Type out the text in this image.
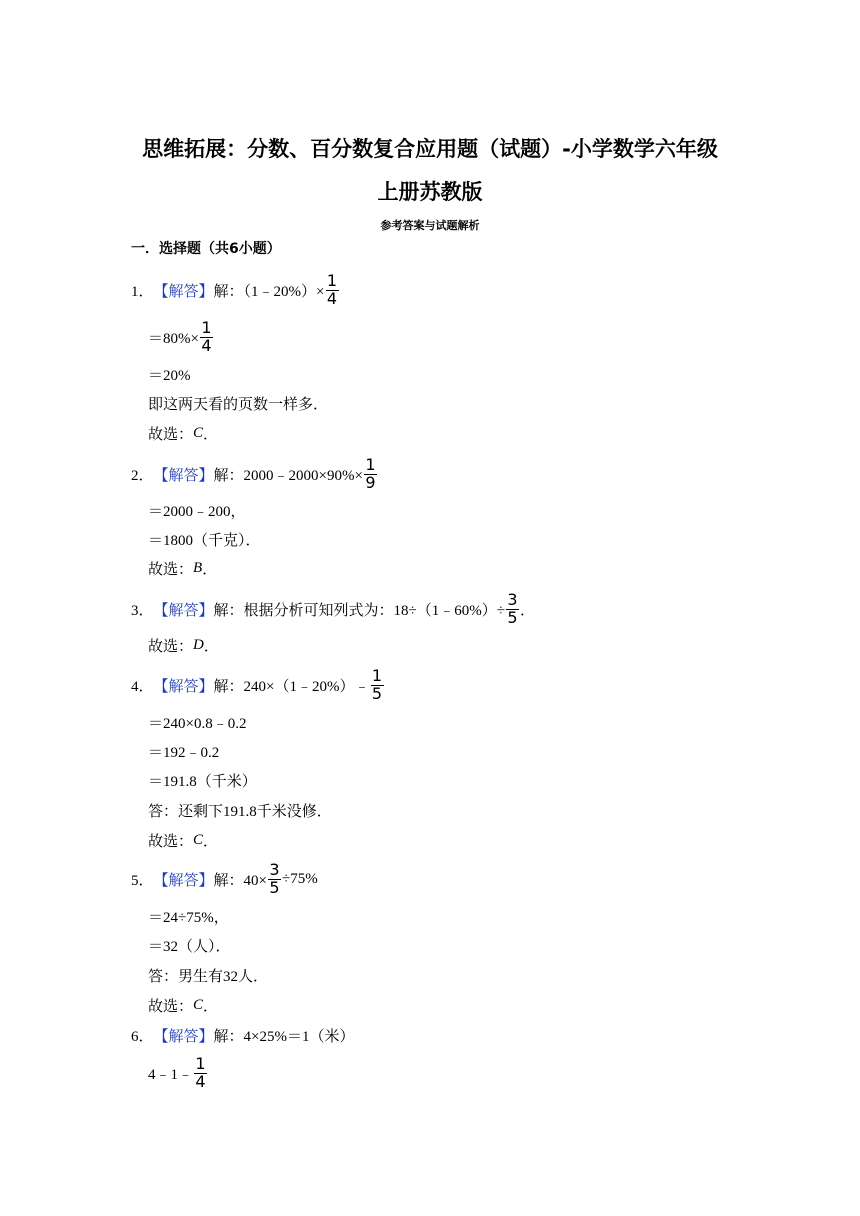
思维拓展：分数、百分数复合应用题（试题）-小学数学六年级
上册苏教版
参考答案与试题解析
一．选择题（共6小题）
1． 【解答】 解：（1﹣20%）× $\frac{1}{4}$
$=80\%\times \frac{1}{4}$
＝20%
即这两天看的页数一样多．
故选： C ．
2． 【解答】 解：2000﹣2000×90%× $\frac{1}{9}$
＝2000﹣200，
＝1800（千克）．
故选： B ．
3． 【解答】 解：根据分析可知列式为：18÷（1﹣60%）÷ $\frac{3}{5}$ ．
故选： D ．
4． 【解答】 解：240×（1﹣20%）﹣ $\frac{1}{5}$
＝240×0.8﹣0.2
＝192﹣0.2
＝191.8（千米）
答：还剩下191.8千米没修．
故选： C ．
5． 【解答】 解：$40\times \frac{3}{5} \div 75\%$
＝24÷75%，
＝32（人）．
答：男生有32人．
故选： C ．
6． 【解答】 解：4×25%＝1（米）
4﹣1﹣ $\frac{1}{4}$
